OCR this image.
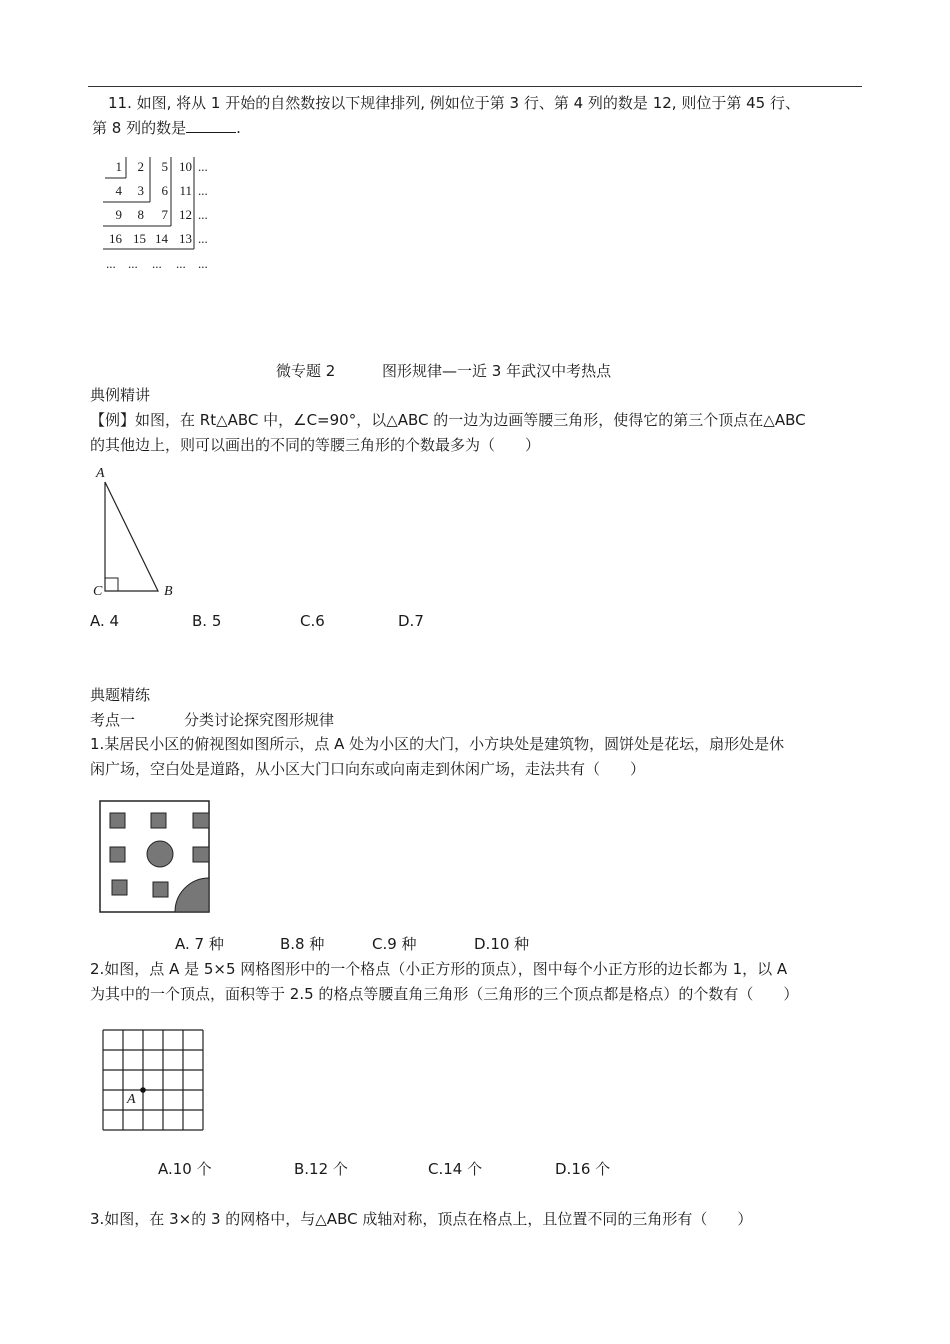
11. 如图, 将从 1 开始的自然数按以下规律排列, 例如位于第 3 行、第 4 列的数是 12, 则位于第 45 行、
第 8 列的数是	.
1	2	5 10 ...
4	3	6 11 ...
9	8	7 12 ...
16 15 14 13 ...
... ...	...	... ...
微专题 2	图形规律—一近 3 年武汉中考热点
典例精讲
【例】如图，在 Rt△ABC 中，∠C=90°，以△ABC 的一边为边画等腰三角形，使得它的第三个顶点在△ABC
的其他边上，则可以画出的不同的等腰三角形的个数最多为（　　）
A
C	B
A. 4	B. 5	C.6	D.7
典题精练
考点一	分类讨论探究图形规律
1.某居民小区的俯视图如图所示，点 A 处为小区的大门，小方块处是建筑物，圆饼处是花坛，扇形处是休
闲广场，空白处是道路，从小区大门口向东或向南走到休闲广场，走法共有（　　）
A. 7 种	B.8 种	C.9 种	D.10 种
2.如图，点 A 是 5×5 网格图形中的一个格点（小正方形的顶点），图中每个小正方形的边长都为 1，以 A
为其中的一个顶点，面积等于 2.5 的格点等腰直角三角形（三角形的三个顶点都是格点）的个数有（　　）
A
A.10 个	B.12 个	C.14 个	D.16 个
3.如图，在 3×的 3 的网格中，与△ABC 成轴对称，顶点在格点上，且位置不同的三角形有（　　）
